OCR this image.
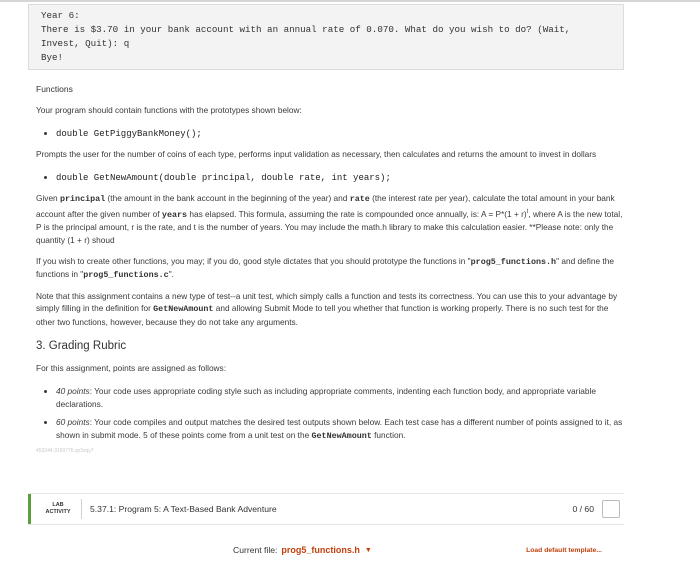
Year 6:
There is $3.70 in your bank account with an annual rate of 0.070. What do you wish to do? (Wait,
Invest, Quit): q
Bye!
Functions
Your program should contain functions with the prototypes shown below:
• double GetPiggyBankMoney();
Prompts the user for the number of coins of each type, performs input validation as necessary, then calculates and returns the amount to invest in dollars
• double GetNewAmount(double principal, double rate, int years);
Given principal (the amount in the bank account in the beginning of the year) and rate (the interest rate per year), calculate the total amount in your bank account after the given number of years has elapsed. This formula, assuming the rate is compounded once annually, is: $A = P*(1 + r)^t$, where A is the new total, P is the principal amount, r is the rate, and t is the number of years. You may include the math.h library to make this calculation easier. **Please note: only the quantity (1 + r) shoud
If you wish to create other functions, you may; if you do, good style dictates that you should prototype the functions in "prog5_functions.h" and define the functions in "prog5_functions.c".
Note that this assignment contains a new type of test--a unit test, which simply calls a function and tests its correctness. You can use this to your advantage by simply filling in the definition for GetNewAmount and allowing Submit Mode to tell you whether that function is working properly. There is no such test for the other two functions, however, because they do not take any arguments.
3. Grading Rubric
For this assignment, points are assigned as follows:
• 40 points: Your code uses appropriate coding style such as including appropriate comments, indenting each function body, and appropriate variable declarations.
• 60 points: Your code compiles and output matches the desired test outputs shown below. Each test case has a different number of points assigned to it, as shown in submit mode. 5 of these points come from a unit test on the GetNewAmount function.
453244.3169776.qx3zqy7
LAB
ACTIVITY 5.37.1: Program 5: A Text-Based Bank Adventure	0 / 60
Current file: prog5_functions.h ▼	Load default template...
